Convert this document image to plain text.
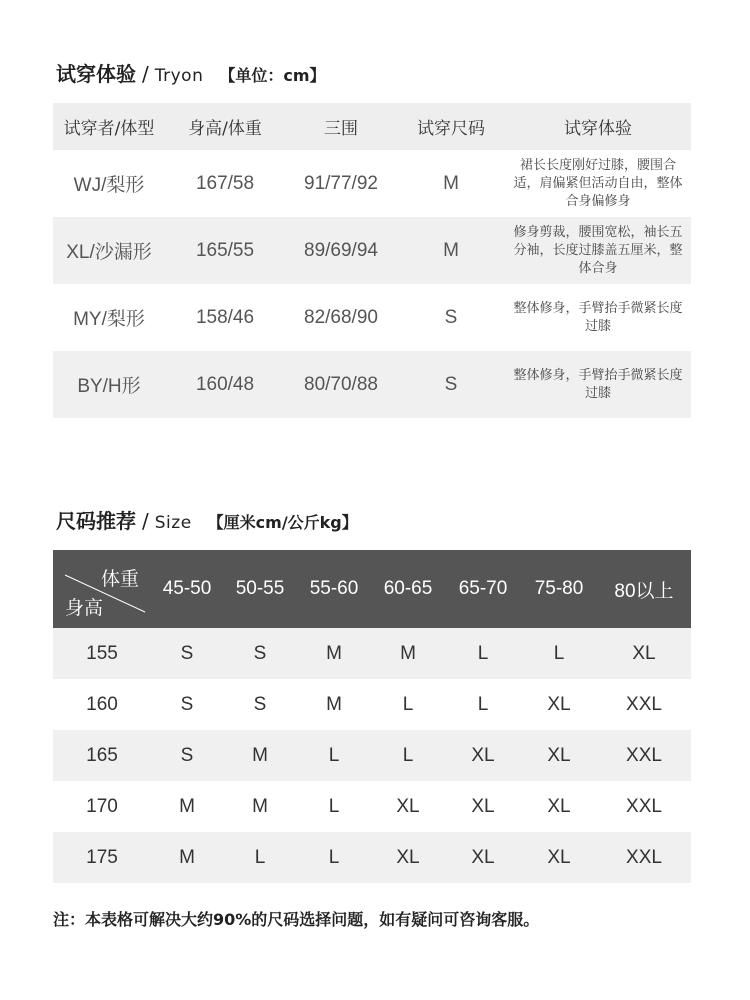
试穿体验 / Tryon 【单位：cm】
试穿者/体型	身高/体重	三围	试穿尺码	试穿体验
WJ/梨形	167/58	91/77/92	M	裙长长度刚好过膝，腰围合适，肩偏紧但活动自由，整体合身偏修身
XL/沙漏形	165/55	89/69/94	M	修身剪裁，腰围宽松，袖长五分袖，长度过膝盖五厘米，整体合身
MY/梨形	158/46	82/68/90	S	整体修身，手臂抬手微紧长度过膝
BY/H形	160/48	80/70/88	S	整体修身，手臂抬手微紧长度过膝
尺码推荐 / Size 【厘米cm/公斤kg】
体重
身高	45-50	50-55	55-60	60-65	65-70	75-80	80以上
155	S	S	M	M	L	L	XL
160	S	S	M	L	L	XL	XXL
165	S	M	L	L	XL	XL	XXL
170	M	M	L	XL	XL	XL	XXL
175	M	L	L	XL	XL	XL	XXL
注：本表格可解决大约90%的尺码选择问题，如有疑问可咨询客服。
